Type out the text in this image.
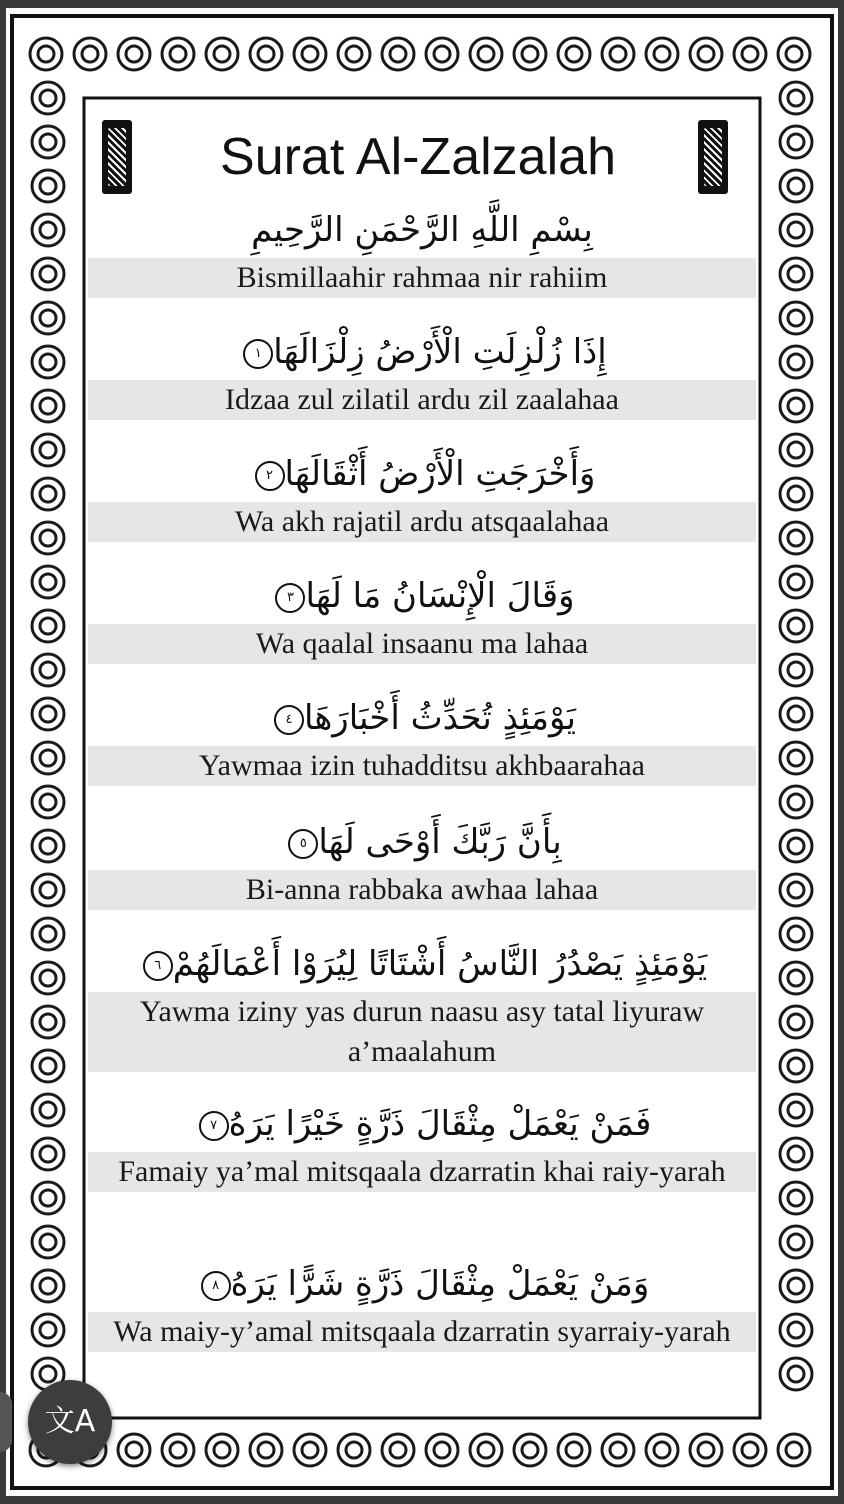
Surat Al-Zalzalah
بِسْمِ اللَّهِ الرَّحْمَنِ الرَّحِيمِ
Bismillaahir rahmaa nir rahiim
إِذَا زُلْزِلَتِ الْأَرْضُ زِلْزَالَهَا١
Idzaa zul zilatil ardu zil zaalahaa
وَأَخْرَجَتِ الْأَرْضُ أَثْقَالَهَا٢
Wa akh rajatil ardu atsqaalahaa
وَقَالَ الْإِنْسَانُ مَا لَهَا٣
Wa qaalal insaanu ma lahaa
يَوْمَئِذٍ تُحَدِّثُ أَخْبَارَهَا٤
Yawmaa izin tuhadditsu akhbaarahaa
بِأَنَّ رَبَّكَ أَوْحَى لَهَا٥
Bi-anna rabbaka awhaa lahaa
يَوْمَئِذٍ يَصْدُرُ النَّاسُ أَشْتَاتًا لِيُرَوْا أَعْمَالَهُمْ٦
Yawma iziny yas durun naasu asy tatal liyuraw a’maalahum
فَمَنْ يَعْمَلْ مِثْقَالَ ذَرَّةٍ خَيْرًا يَرَهُ٧
Famaiy ya’mal mitsqaala dzarratin khai raiy-yarah
وَمَنْ يَعْمَلْ مِثْقَالَ ذَرَّةٍ شَرًّا يَرَهُ٨
Wa maiy-y’amal mitsqaala dzarratin syarraiy-yarah
文A
